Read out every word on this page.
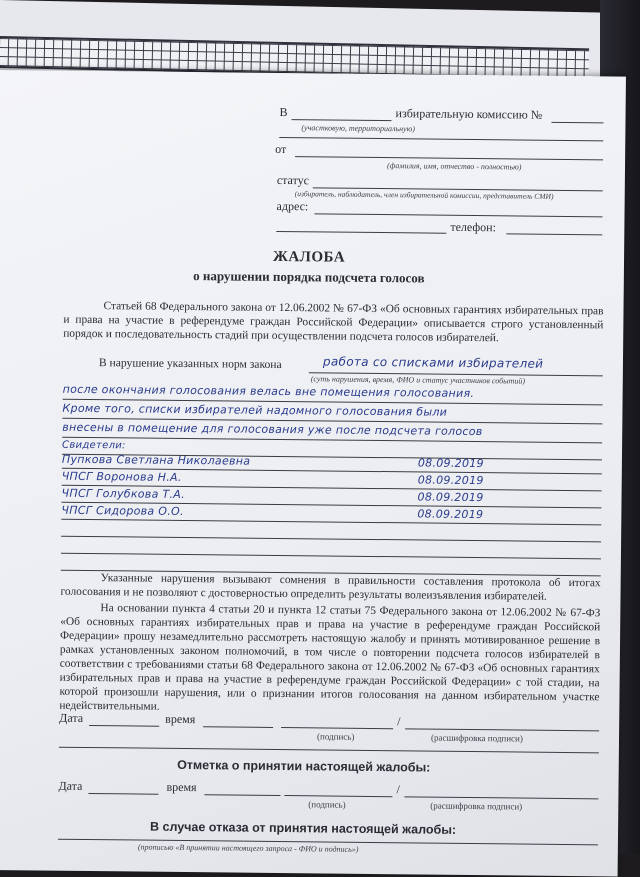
В	избирательную комиссию №
(участковую, территориальную)
от
(фамилия, имя, отчество - полностью)
статус
(избиратель, наблюдатель, член избирательной комиссии, представитель СМИ)
адрес:
телефон:
ЖАЛОБА
о нарушении порядка подсчета голосов
Статьей 68 Федерального закона от 12.06.2002 № 67-ФЗ «Об основных гарантиях избирательных прав и права на участие в референдуме граждан Российской Федерации» описывается строго установленный порядок и последовательность стадий при осуществлении подсчета голосов избирателей.
В нарушение указанных норм закона	работа со списками избирателей
(суть нарушения, время, ФИО и статус участников событий)
после окончания голосования велась вне помещения голосования.
Кроме того, списки избирателей надомного голосования были
внесены в помещение для голосования уже после подсчета голосов
Свидетели:
Пупкова Светлана Николаевна	08.09.2019
ЧПСГ Воронова Н.А.	08.09.2019
ЧПСГ Голубкова Т.А.	08.09.2019
ЧПСГ Сидорова О.О.	08.09.2019
Указанные нарушения вызывают сомнения в правильности составления протокола об итогах голосования и не позволяют с достоверностью определить результаты волеизъявления избирателей.
На основании пункта 4 статьи 20 и пункта 12 статьи 75 Федерального закона от 12.06.2002 № 67-ФЗ «Об основных гарантиях избирательных прав и права на участие в референдуме граждан Российской Федерации» прошу незамедлительно рассмотреть настоящую жалобу и принять мотивированное решение в рамках установленных законом полномочий, в том числе о повторении подсчета голосов избирателей в соответствии с требованиями статьи 68 Федерального закона от 12.06.2002 № 67-ФЗ «Об основных гарантиях избирательных прав и права на участие в референдуме граждан Российской Федерации» с той стадии, на которой произошли нарушения, или о признании итогов голосования на данном избирательном участке недействительными.
Дата	время	/
(подпись)	(расшифровка подписи)
Отметка о принятии настоящей жалобы:
Дата	время	/
(подпись)	(расшифровка подписи)
В случае отказа от принятия настоящей жалобы:
(прописью «В принятии настоящего запроса - ФИО и подпись»)
